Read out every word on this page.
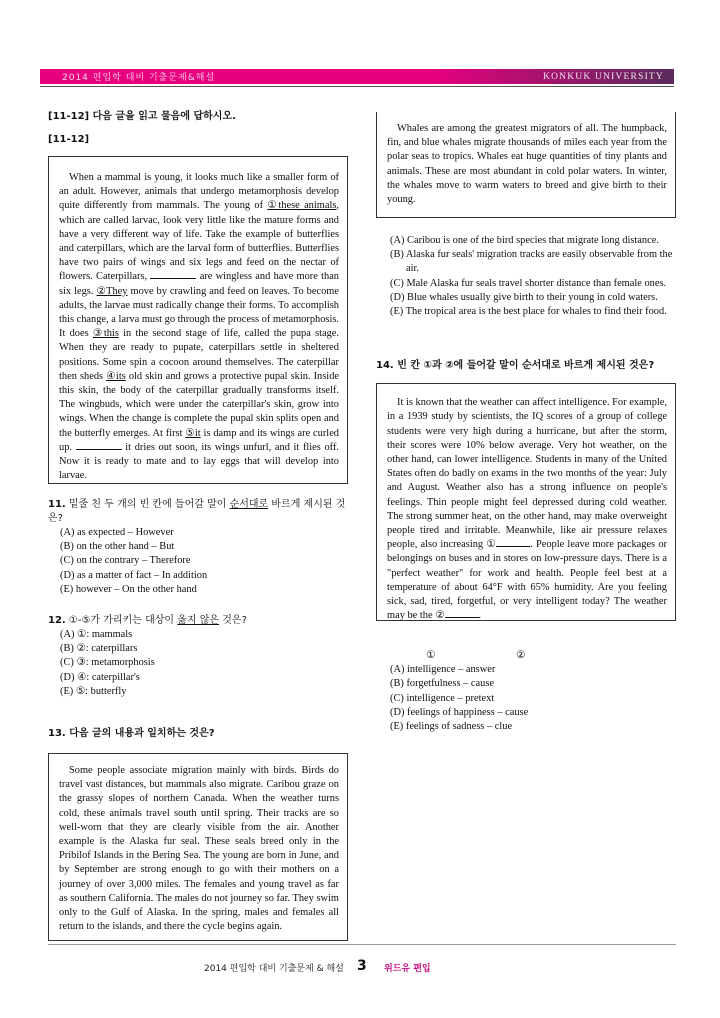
2014 편입학 대비 기출문제&해설	KONKUK UNIVERSITY
[11-12] 다음 글을 읽고 물음에 답하시오.
[11-12]

When a mammal is young, it looks much like a smaller form of an adult. However, animals that undergo metamorphosis develop quite differently from mammals. The young of ①these animals, which are called larvac, look very little like the mature forms and have a very different way of life. Take the example of butterflies and caterpillars, which are the larval form of butterflies. Butterflies have two pairs of wings and six legs and feed on the nectar of flowers. Caterpillars,	are wingless and have more than six legs. ②They move by crawling and feed on leaves. To become adults, the larvae must radically change their forms. To accomplish this change, a larva must go through the process of metamorphosis. It does ③this in the second stage of life, called the pupa stage. When they are ready to pupate, caterpillars settle in sheltered positions. Some spin a cocoon around themselves. The caterpillar then sheds ④its old skin and grows a protective pupal skin. Inside this skin, the body of the caterpillar gradually transforms itself. The wingbuds, which were under the caterpillar's skin, grow into wings. When the change is complete the pupal skin splits open and the butterfly emerges. At first ⑤it is damp and its wings are curled up.	it dries out soon, its wings unfurl, and it flies off. Now it is ready to mate and to lay eggs that will develop into larvae.

11. 밑줄 친 두 개의 빈 칸에 들어갈 말이 순서대로 바르게 제시된 것은?
(A) as expected – However
(B) on the other hand – But
(C) on the contrary – Therefore
(D) as a matter of fact – In addition
(E) however – On the other hand
12. ①-⑤가 가리키는 대상이 옳지 않은 것은?
(A) ①: mammals
(B) ②: caterpillars
(C) ③: metamorphosis
(D) ④: caterpillar's
(E) ⑤: butterfly
13. 다음 글의 내용과 일치하는 것은?

Some people associate migration mainly with birds. Birds do travel vast distances, but mammals also migrate. Caribou graze on the grassy slopes of northern Canada. When the weather turns cold, these animals travel south until spring. Their tracks are so well-worn that they are clearly visible from the air. Another example is the Alaska fur seal. These seals breed only in the Pribilof Islands in the Bering Sea. The young are born in June, and by September are strong enough to go with their mothers on a journey of over 3,000 miles. The females and young travel as far as southern California. The males do not journey so far. They swim only to the Gulf of Alaska. In the spring, males and females all return to the islands, and there the cycle begins again.

Whales are among the greatest migrators of all. The humpback, fin, and blue whales migrate thousands of miles each year from the polar seas to tropics. Whales eat huge quantities of tiny plants and animals. These are most abundant in cold polar waters. In winter, the whales move to warm waters to breed and give birth to their young.

(A) Caribou is one of the bird species that migrate long distance.
(B) Alaska fur seals' migration tracks are easily observable from the air.
(C) Male Alaska fur seals travel shorter distance than female ones.
(D) Blue whales usually give birth to their young in cold waters.
(E) The tropical area is the best place for whales to find their food.
14. 빈 칸 ①과 ②에 들어갈 말이 순서대로 바르게 제시된 것은?

It is known that the weather can affect intelligence. For example, in a 1939 study by scientists, the IQ scores of a group of college students were very high during a hurricane, but after the storm, their scores were 10% below average. Very hot weather, on the other hand, can lower intelligence. Students in many of the United States often do badly on exams in the two months of the year: July and August. Weather also has a strong influence on people's feelings. Thin people might feel depressed during cold weather. The strong summer heat, on the other hand, may make overweight people tired and irritable. Meanwhile, like air pressure relaxes people, also increasing ①	. People leave more packages or belongings on buses and in stores on low-pressure days. There is a "perfect weather" for work and health. People feel best at a temperature of about 64°F with 65% humidity. Are you feeling sick, sad, tired, forgetful, or very intelligent today? The weather may be the ②	.

①	②
(A) intelligence – answer
(B) forgetfulness – cause
(C) intelligence – pretext
(D) feelings of happiness – cause
(E) feelings of sadness – clue
2014 편입학 대비 기출문제 & 해설 3 위드유 편입
